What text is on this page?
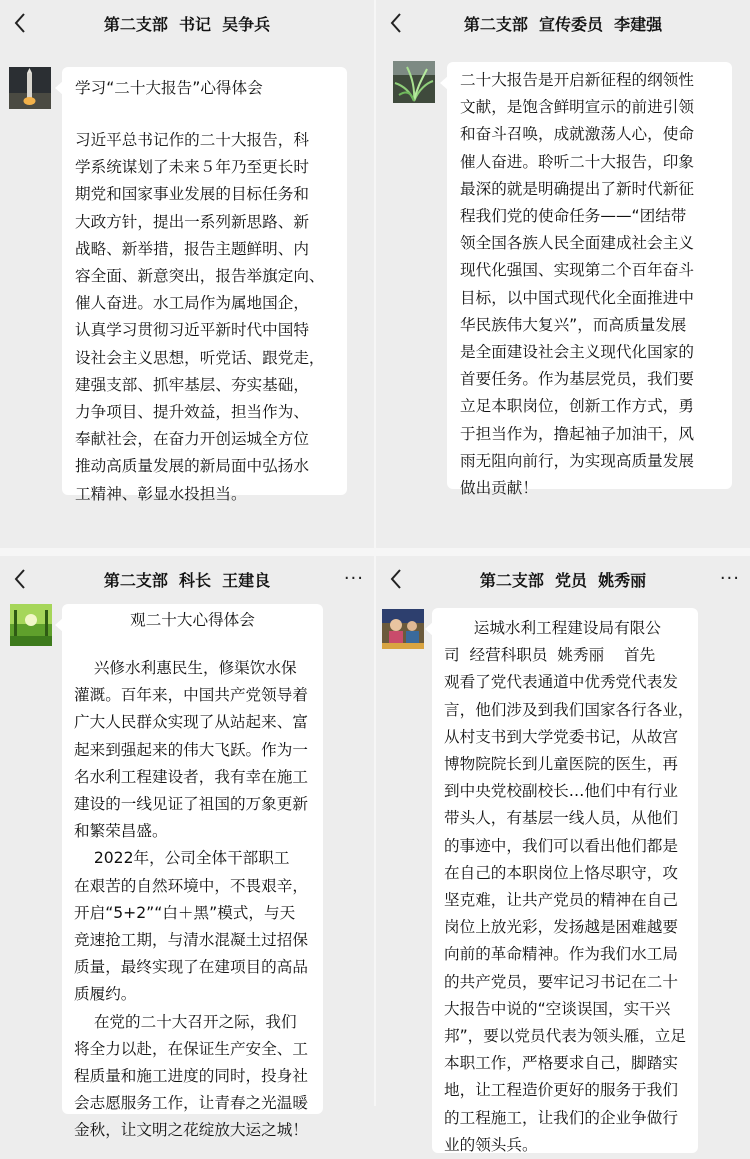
第二支部  书记  吴争兵
学习“二十大报告”心得体会
习近平总书记作的二十大报告，科
学系统谋划了未来５年乃至更长时
期党和国家事业发展的目标任务和
大政方针，提出一系列新思路、新
战略、新举措，报告主题鲜明、内
容全面、新意突出，报告举旗定向、
催人奋进。水工局作为属地国企，
认真学习贯彻习近平新时代中国特
设社会主义思想，听党话、跟党走，
建强支部、抓牢基层、夯实基础，
力争项目、提升效益，担当作为、
奉献社会，在奋力开创运城全方位
推动高质量发展的新局面中弘扬水
工精神、彰显水投担当。
第二支部  宣传委员  李建强
二十大报告是开启新征程的纲领性
文献，是饱含鲜明宣示的前进引领
和奋斗召唤，成就激荡人心，使命
催人奋进。聆听二十大报告，印象
最深的就是明确提出了新时代新征
程我们党的使命任务——“团结带
领全国各族人民全面建成社会主义
现代化强国、实现第二个百年奋斗
目标，以中国式现代化全面推进中
华民族伟大复兴”，而高质量发展
是全面建设社会主义现代化国家的
首要任务。作为基层党员，我们要
立足本职岗位，创新工作方式，勇
于担当作为，撸起袖子加油干，风
雨无阻向前行，为实现高质量发展
做出贡献！
第二支部  科长  王建良	···
观二十大心得体会
兴修水利惠民生，修渠饮水保
灌溉。百年来，中国共产党领导着
广大人民群众实现了从站起来、富
起来到强起来的伟大飞跃。作为一
名水利工程建设者，我有幸在施工
建设的一线见证了祖国的万象更新
和繁荣昌盛。
2022年，公司全体干部职工
在艰苦的自然环境中，不畏艰辛，
开启“5+2”“白＋黑”模式，与天
竞速抢工期，与清水混凝土过招保
质量，最终实现了在建项目的高品
质履约。
在党的二十大召开之际，我们
将全力以赴，在保证生产安全、工
程质量和施工进度的同时，投身社
会志愿服务工作，让青春之光温暖
金秋，让文明之花绽放大运之城！
第二支部  党员  姚秀丽	···
运城水利工程建设局有限公
司  经营科职员  姚秀丽    首先
观看了党代表通道中优秀党代表发
言，他们涉及到我们国家各行各业，
从村支书到大学党委书记，从故宫
博物院院长到儿童医院的医生，再
到中央党校副校长…他们中有行业
带头人，有基层一线人员，从他们
的事迹中，我们可以看出他们都是
在自己的本职岗位上恪尽职守，攻
坚克难，让共产党员的精神在自己
岗位上放光彩，发扬越是困难越要
向前的革命精神。作为我们水工局
的共产党员，要牢记习书记在二十
大报告中说的“空谈误国，实干兴
邦”，要以党员代表为领头雁，立足
本职工作，严格要求自己，脚踏实
地，让工程造价更好的服务于我们
的工程施工，让我们的企业争做行
业的领头兵。
